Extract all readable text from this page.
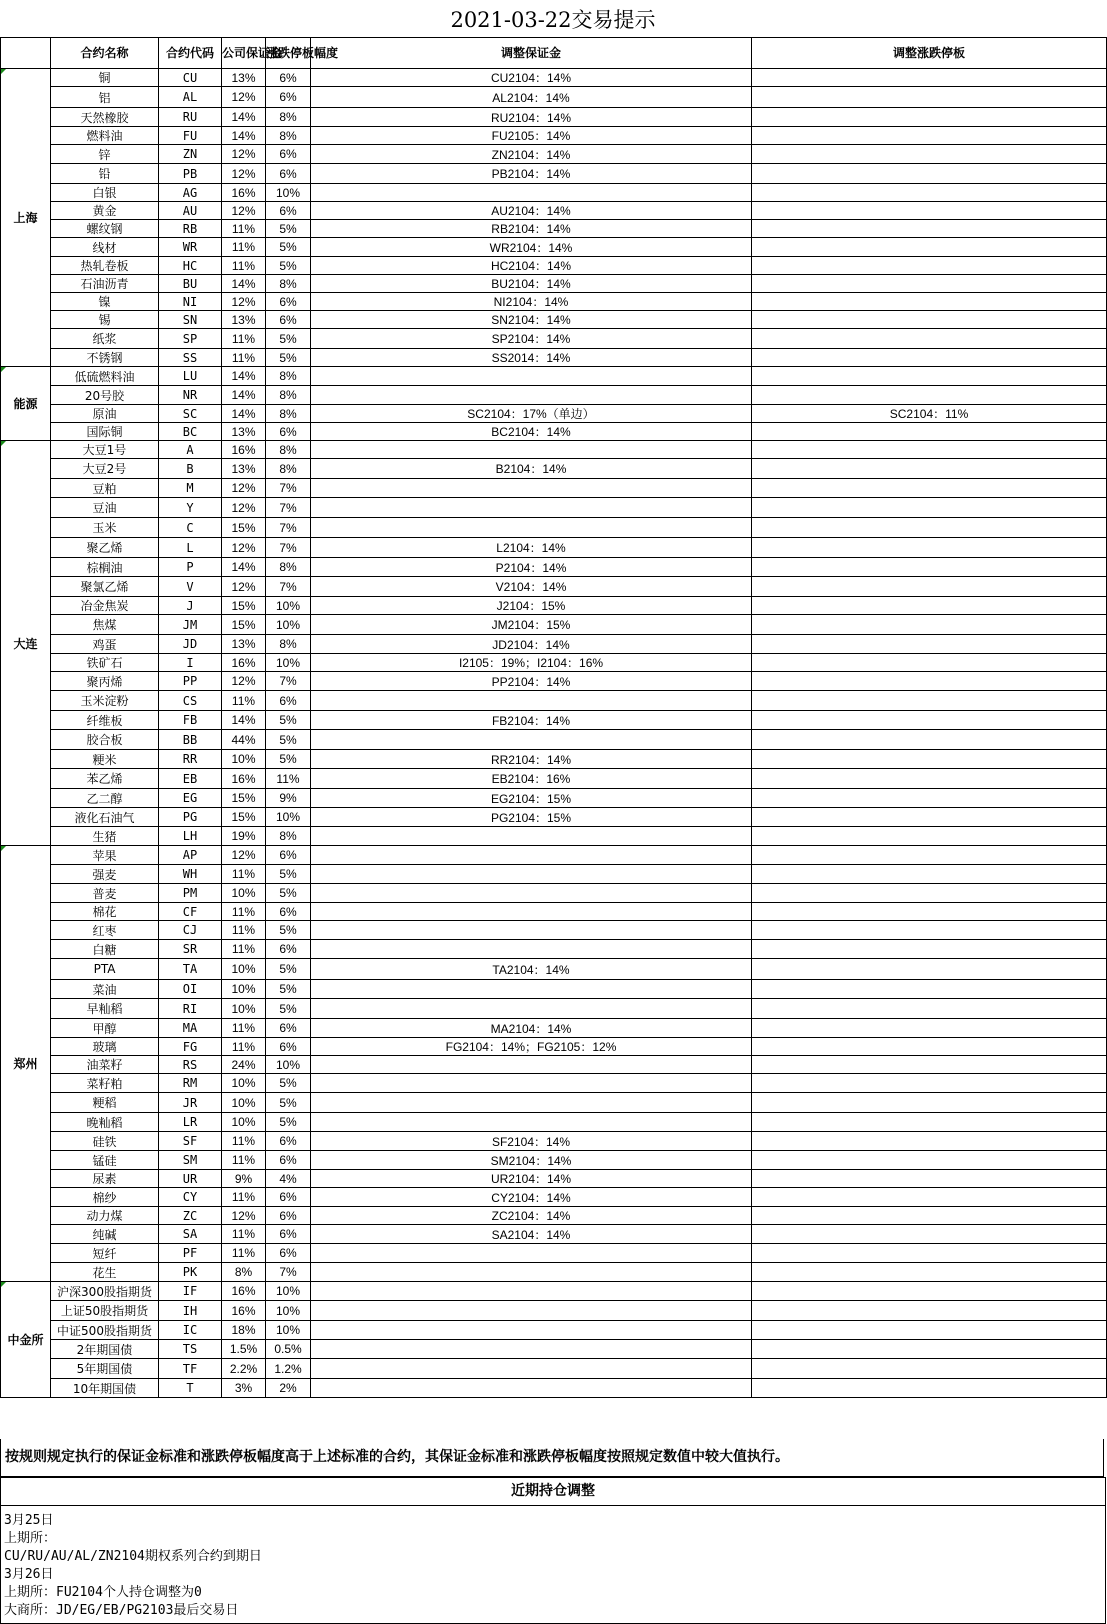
2021-03-22交易提示
	合约名称	合约代码	公司保证金	涨跌停板幅度	调整保证金	调整涨跌停板

上海	铜	CU	13%	6%	CU2104：14%	
	铝	AL	12%	6%	AL2104：14%	
	天然橡胶	RU	14%	8%	RU2104：14%	
	燃料油	FU	14%	8%	FU2105：14%	
	锌	ZN	12%	6%	ZN2104：14%	
	铅	PB	12%	6%	PB2104：14%	
	白银	AG	16%	10%		
	黄金	AU	12%	6%	AU2104：14%	
	螺纹钢	RB	11%	5%	RB2104：14%	
	线材	WR	11%	5%	WR2104：14%	
	热轧卷板	HC	11%	5%	HC2104：14%	
	石油沥青	BU	14%	8%	BU2104：14%	
	镍	NI	12%	6%	NI2104：14%	
	锡	SN	13%	6%	SN2104：14%	
	纸浆	SP	11%	5%	SP2104：14%	
	不锈钢	SS	11%	5%	SS2014：14%	

能源	低硫燃料油	LU	14%	8%		
	20号胶	NR	14%	8%		
	原油	SC	14%	8%	SC2104：17%（单边）	SC2104：11%
	国际铜	BC	13%	6%	BC2104：14%	

大连	大豆1号	A	16%	8%		
	大豆2号	B	13%	8%	B2104：14%	
	豆粕	M	12%	7%		
	豆油	Y	12%	7%		
	玉米	C	15%	7%		
	聚乙烯	L	12%	7%	L2104：14%	
	棕榈油	P	14%	8%	P2104：14%	
	聚氯乙烯	V	12%	7%	V2104：14%	
	冶金焦炭	J	15%	10%	J2104：15%	
	焦煤	JM	15%	10%	JM2104：15%	
	鸡蛋	JD	13%	8%	JD2104：14%	
	铁矿石	I	16%	10%	I2105：19%；I2104：16%	
	聚丙烯	PP	12%	7%	PP2104：14%	
	玉米淀粉	CS	11%	6%		
	纤维板	FB	14%	5%	FB2104：14%	
	胶合板	BB	44%	5%		
	粳米	RR	10%	5%	RR2104：14%	
	苯乙烯	EB	16%	11%	EB2104：16%	
	乙二醇	EG	15%	9%	EG2104：15%	
	液化石油气	PG	15%	10%	PG2104：15%	
	生猪	LH	19%	8%		

郑州	苹果	AP	12%	6%		
	强麦	WH	11%	5%		
	普麦	PM	10%	5%		
	棉花	CF	11%	6%		
	红枣	CJ	11%	5%		
	白糖	SR	11%	6%		
	PTA	TA	10%	5%	TA2104：14%	
	菜油	OI	10%	5%		
	早籼稻	RI	10%	5%		
	甲醇	MA	11%	6%	MA2104：14%	
	玻璃	FG	11%	6%	FG2104：14%；FG2105：12%	
	油菜籽	RS	24%	10%		
	菜籽粕	RM	10%	5%		
	粳稻	JR	10%	5%		
	晚籼稻	LR	10%	5%		
	硅铁	SF	11%	6%	SF2104：14%	
	锰硅	SM	11%	6%	SM2104：14%	
	尿素	UR	9%	4%	UR2104：14%	
	棉纱	CY	11%	6%	CY2104：14%	
	动力煤	ZC	12%	6%	ZC2104：14%	
	纯碱	SA	11%	6%	SA2104：14%	
	短纤	PF	11%	6%		
	花生	PK	8%	7%		

中金所	沪深300股指期货	IF	16%	10%		
	上证50股指期货	IH	16%	10%		
	中证500股指期货	IC	18%	10%		
	2年期国债	TS	1.5%	0.5%		
	5年期国债	TF	2.2%	1.2%		
	10年期国债	T	3%	2%		
按规则规定执行的保证金标准和涨跌停板幅度高于上述标准的合约，其保证金标准和涨跌停板幅度按照规定数值中较大值执行。
近期持仓调整
3月25日
上期所：
CU/RU/AU/AL/ZN2104期权系列合约到期日
3月26日
上期所：FU2104个人持仓调整为0
大商所：JD/EG/EB/PG2103最后交易日
